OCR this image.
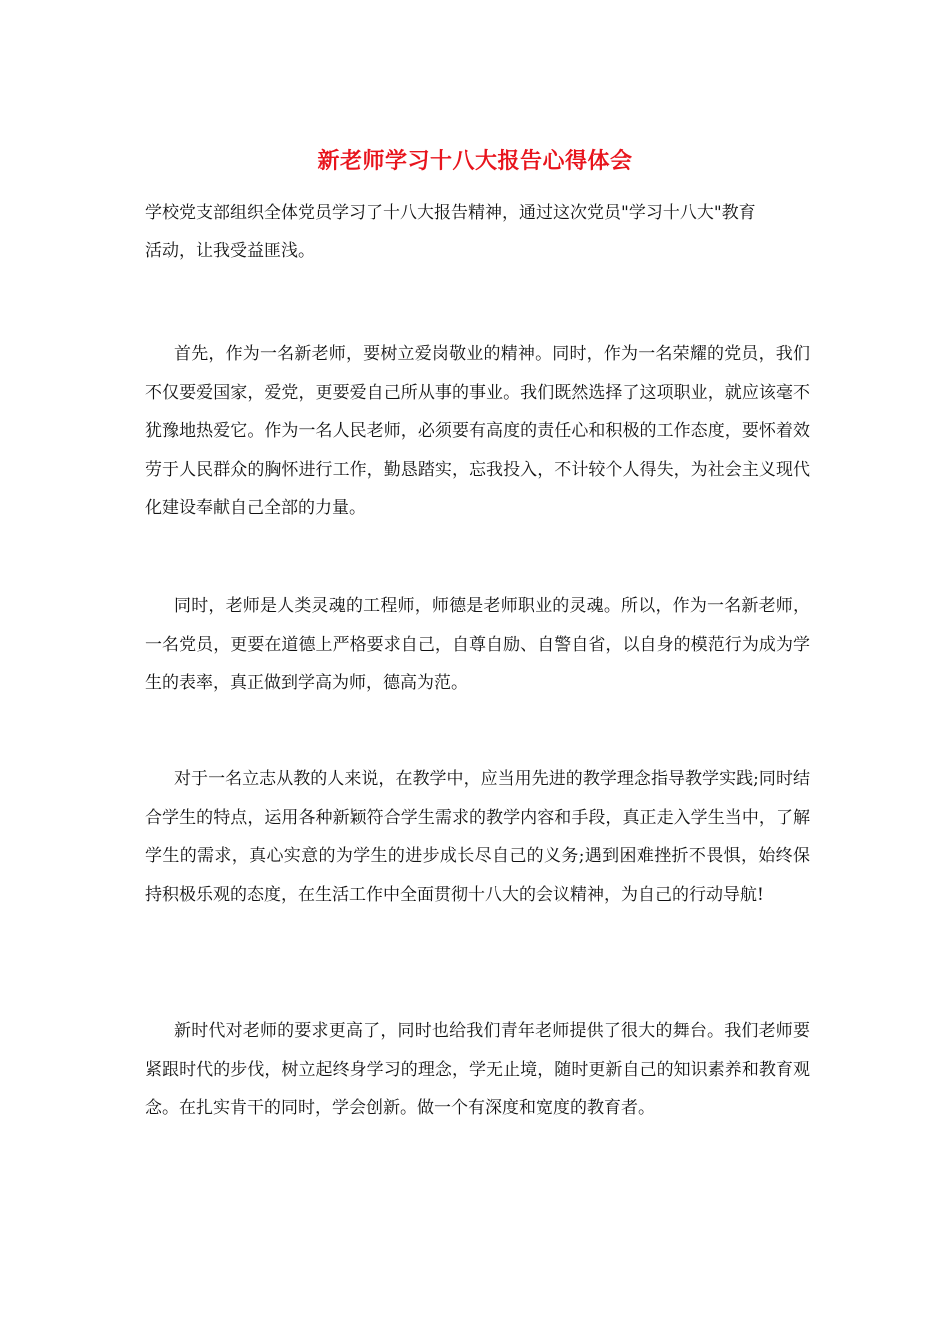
新老师学习十八大报告心得体会

学校党支部组织全体党员学习了十八大报告精神，通过这次党员"学习十八大"教育活动，让我受益匪浅。

首先，作为一名新老师，要树立爱岗敬业的精神。同时，作为一名荣耀的党员，我们不仅要爱国家，爱党，更要爱自己所从事的事业。我们既然选择了这项职业，就应该毫不犹豫地热爱它。作为一名人民老师，必须要有高度的责任心和积极的工作态度，要怀着效劳于人民群众的胸怀进行工作，勤恳踏实，忘我投入，不计较个人得失，为社会主义现代化建设奉献自己全部的力量。

同时，老师是人类灵魂的工程师，师德是老师职业的灵魂。所以，作为一名新老师，一名党员，更要在道德上严格要求自己，自尊自励、自警自省，以自身的模范行为成为学生的表率，真正做到学高为师，德高为范。

对于一名立志从教的人来说，在教学中，应当用先进的教学理念指导教学实践;同时结合学生的特点，运用各种新颖符合学生需求的教学内容和手段，真正走入学生当中，了解学生的需求，真心实意的为学生的进步成长尽自己的义务;遇到困难挫折不畏惧，始终保持积极乐观的态度，在生活工作中全面贯彻十八大的会议精神，为自己的行动导航!

新时代对老师的要求更高了，同时也给我们青年老师提供了很大的舞台。我们老师要紧跟时代的步伐，树立起终身学习的理念，学无止境，随时更新自己的知识素养和教育观念。在扎实肯干的同时，学会创新。做一个有深度和宽度的教育者。
